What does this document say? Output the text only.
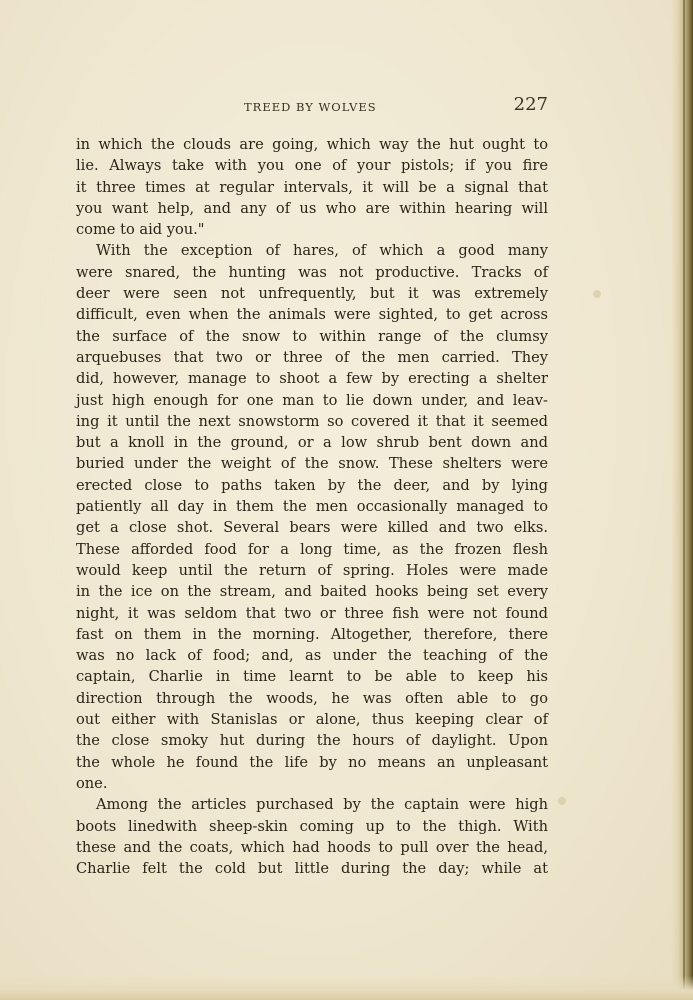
TREED BY WOLVES	227
in which the clouds are going, which way the hut ought to
lie. Always take with you one of your pistols; if you fire
it three times at regular intervals, it will be a signal that
you want help, and any of us who are within hearing will
come to aid you."
With the exception of hares, of which a good many
were snared, the hunting was not productive. Tracks of
deer were seen not unfrequently, but it was extremely
difficult, even when the animals were sighted, to get across
the surface of the snow to within range of the clumsy
arquebuses that two or three of the men carried. They
did, however, manage to shoot a few by erecting a shelter
just high enough for one man to lie down under, and leav-
ing it until the next snowstorm so covered it that it seemed
but a knoll in the ground, or a low shrub bent down and
buried under the weight of the snow. These shelters were
erected close to paths taken by the deer, and by lying
patiently all day in them the men occasionally managed to
get a close shot. Several bears were killed and two elks.
These afforded food for a long time, as the frozen flesh
would keep until the return of spring. Holes were made
in the ice on the stream, and baited hooks being set every
night, it was seldom that two or three fish were not found
fast on them in the morning. Altogether, therefore, there
was no lack of food; and, as under the teaching of the
captain, Charlie in time learnt to be able to keep his
direction through the woods, he was often able to go
out either with Stanislas or alone, thus keeping clear of
the close smoky hut during the hours of daylight. Upon
the whole he found the life by no means an unpleasant
one.
Among the articles purchased by the captain were high
boots linedwith sheep-skin coming up to the thigh. With
these and the coats, which had hoods to pull over the head,
Charlie felt the cold but little during the day; while at
